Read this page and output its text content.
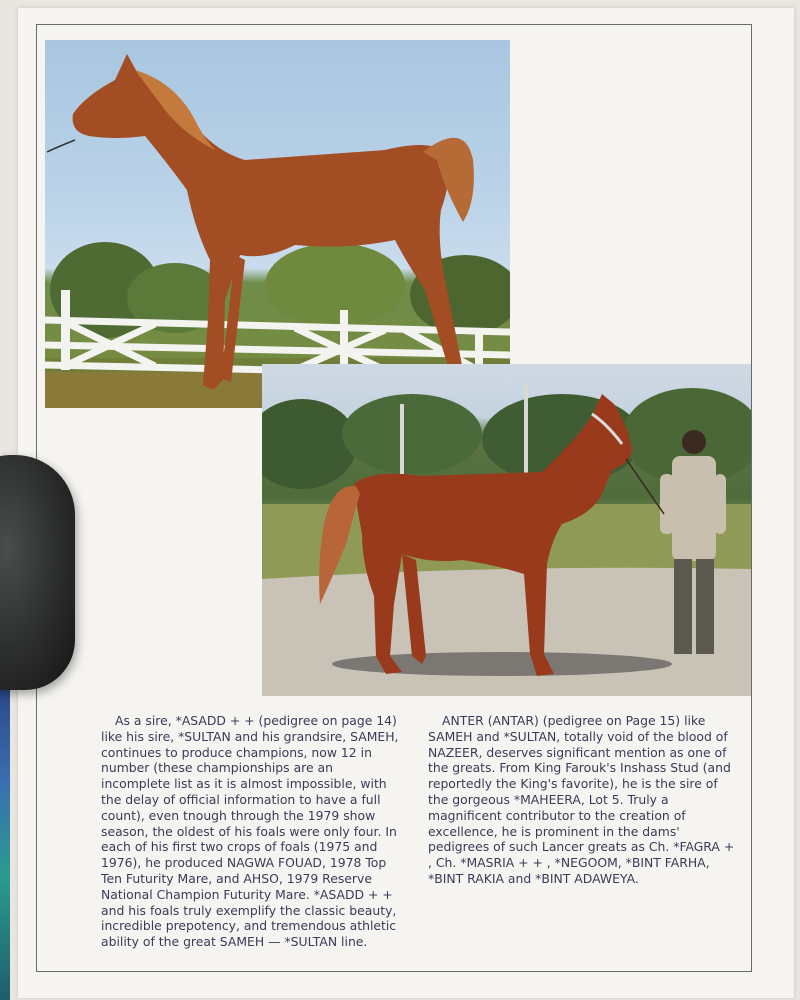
As a sire, *ASADD + + (pedigree on page 14) like his sire, *SULTAN and his grandsire, SAMEH, continues to produce champions, now 12 in number (these championships are an incomplete list as it is almost impossible, with the delay of official information to have a full count), even tnough through the 1979 show season, the oldest of his foals were only four. In each of his first two crops of foals (1975 and 1976), he produced NAGWA FOUAD, 1978 Top Ten Futurity Mare, and AHSO, 1979 Reserve National Champion Futurity Mare. *ASADD + + and his foals truly exemplify the classic beauty, incredible prepotency, and tremendous athletic ability of the great SAMEH — *SULTAN line.

ANTER (ANTAR) (pedigree on Page 15) like SAMEH and *SULTAN, totally void of the blood of NAZEER, deserves significant mention as one of the greats. From King Farouk's Inshass Stud (and reportedly the King's favorite), he is the sire of the gorgeous *MAHEERA, Lot 5. Truly a magnificent contributor to the creation of excellence, he is prominent in the dams' pedigrees of such Lancer greats as Ch. *FAGRA + , Ch. *MASRIA + + , *NEGOOM, *BINT FARHA, *BINT RAKIA and *BINT ADAWEYA.
